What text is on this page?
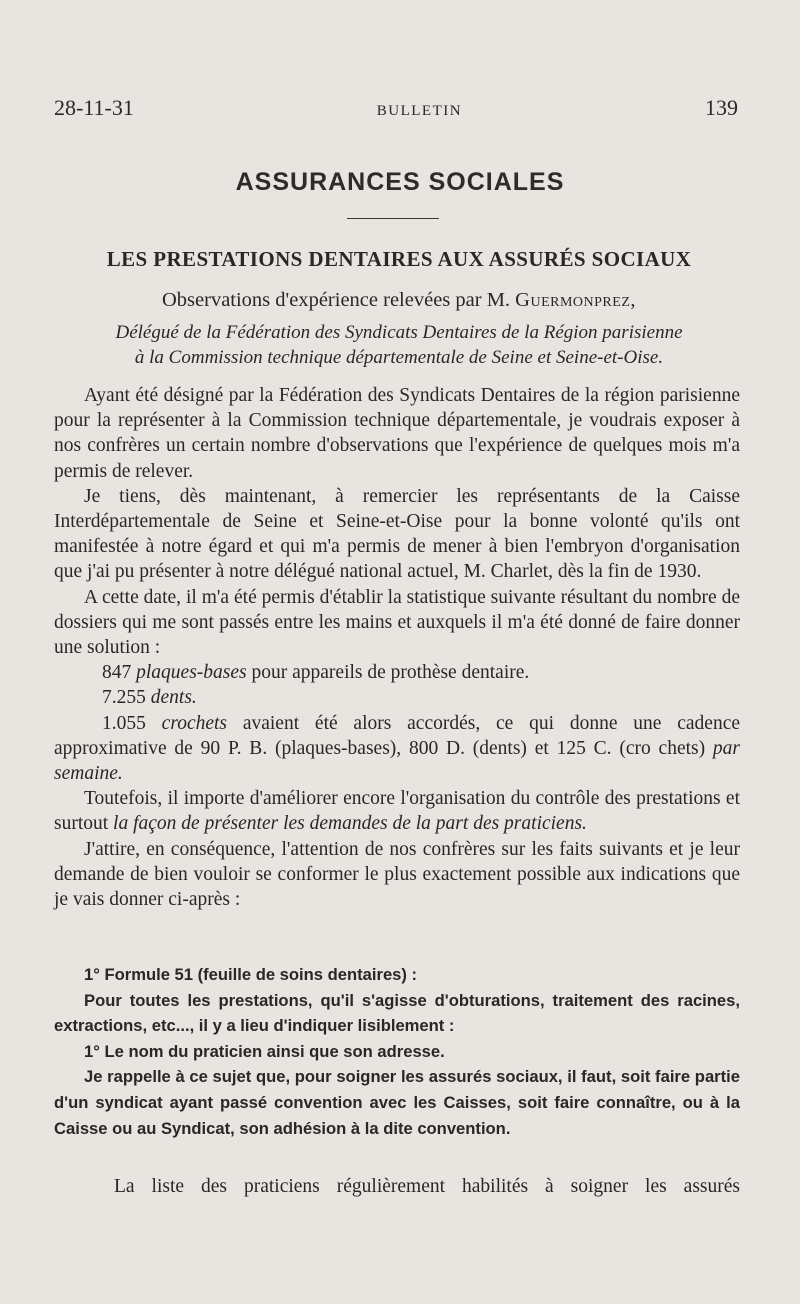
28-11-31	BULLETIN	139
ASSURANCES SOCIALES
LES PRESTATIONS DENTAIRES AUX ASSURÉS SOCIAUX
Observations d'expérience relevées par M. Guermonprez,
Délégué de la Fédération des Syndicats Dentaires de la Région parisienne
à la Commission technique départementale de Seine et Seine-et-Oise.

Ayant été désigné par la Fédération des Syndicats Dentaires de la région parisienne pour la représenter à la Commission technique départementale, je voudrais exposer à nos confrères un certain nombre d'observations que l'expérience de quelques mois m'a permis de relever.

Je tiens, dès maintenant, à remercier les représentants de la Caisse Interdépartementale de Seine et Seine-et-Oise pour la bonne volonté qu'ils ont manifestée à notre égard et qui m'a permis de mener à bien l'embryon d'organisation que j'ai pu présenter à notre délégué national actuel, M. Charlet, dès la fin de 1930.

A cette date, il m'a été permis d'établir la statistique suivante résultant du nombre de dossiers qui me sont passés entre les mains et auxquels il m'a été donné de faire donner une solution :

847 plaques-bases pour appareils de prothèse dentaire.

7.255 dents.

1.055 crochets avaient été alors accordés, ce qui donne une cadence approximative de 90 P. B. (plaques-bases), 800 D. (dents) et 125 C. (cro chets) par semaine.

Toutefois, il importe d'améliorer encore l'organisation du contrôle des prestations et surtout la façon de présenter les demandes de la part des praticiens.

J'attire, en conséquence, l'attention de nos confrères sur les faits suivants et je leur demande de bien vouloir se conformer le plus exactement possible aux indications que je vais donner ci-après :

1° Formule 51 (feuille de soins dentaires) :

Pour toutes les prestations, qu'il s'agisse d'obturations, traitement des racines, extractions, etc..., il y a lieu d'indiquer lisiblement :

1° Le nom du praticien ainsi que son adresse.

Je rappelle à ce sujet que, pour soigner les assurés sociaux, il faut, soit faire partie d'un syndicat ayant passé convention avec les Caisses, soit faire connaître, ou à la Caisse ou au Syndicat, son adhésion à la dite convention.

La liste des praticiens régulièrement habilités à soigner les assurés
